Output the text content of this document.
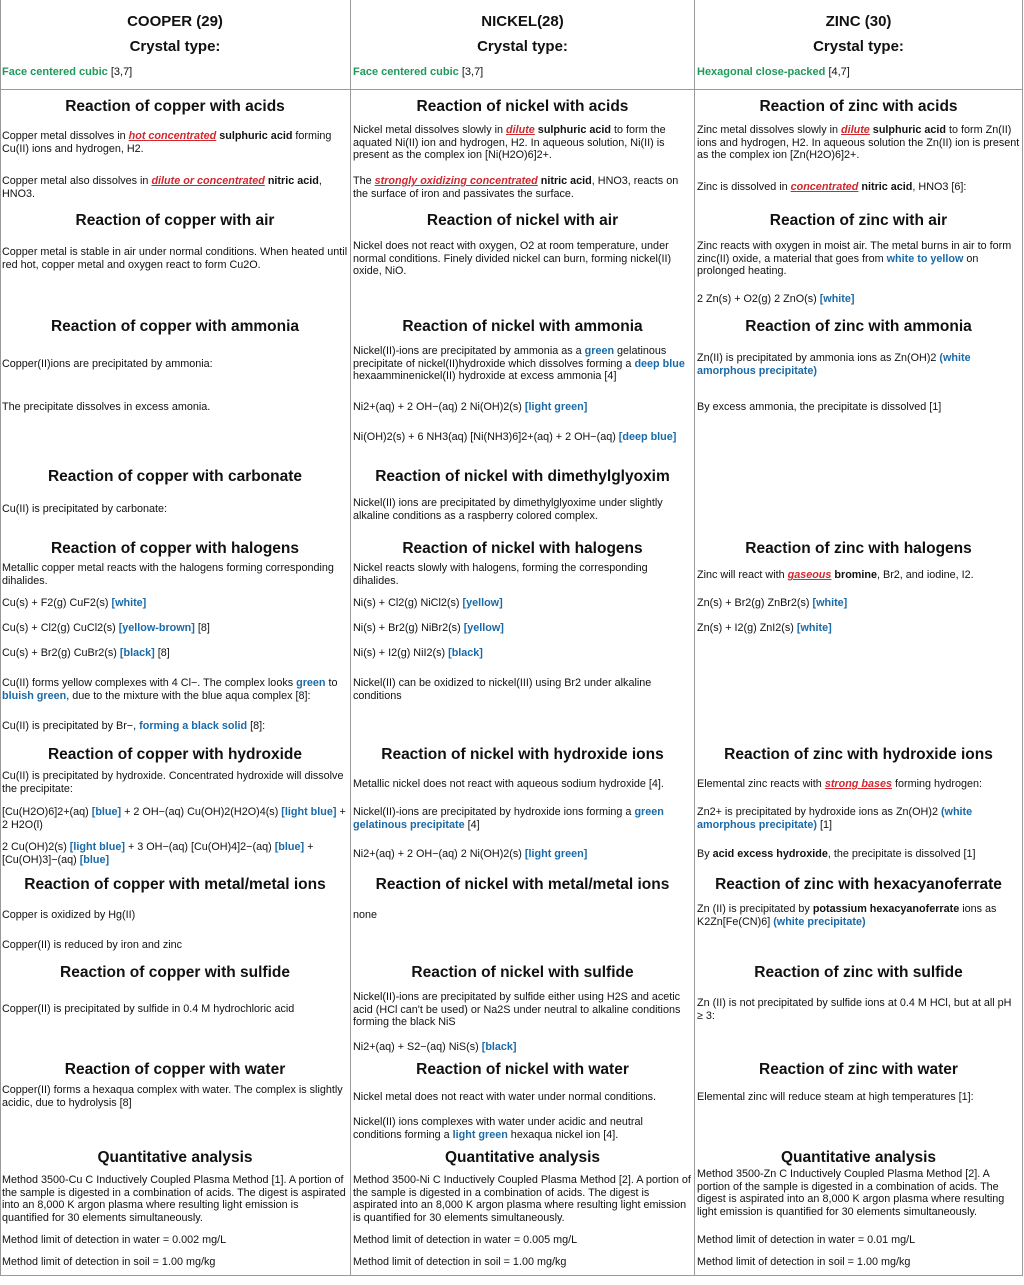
COOPER (29)
Crystal type:
Face centered cubic [3,7]
Reaction of copper with acids
Copper metal dissolves in hot concentrated sulphuric acid forming Cu(II) ions and hydrogen, H2.
Copper metal also dissolves in dilute or concentrated nitric acid, HNO3.
Reaction of copper with air
Copper metal is stable in air under normal conditions. When heated until red hot, copper metal and oxygen react to form Cu2O.
Reaction of copper with ammonia
Copper(II)ions are precipitated by ammonia:
The precipitate dissolves in excess amonia.
Reaction of copper with carbonate
Cu(II) is precipitated by carbonate:
Reaction of copper with halogens
Metallic copper metal reacts with the halogens forming corresponding dihalides.
Cu(s) + F2(g) CuF2(s) [white]
Cu(s) + Cl2(g) CuCl2(s) [yellow-brown] [8]
Cu(s) + Br2(g) CuBr2(s) [black] [8]
Cu(II) forms yellow complexes with 4 Cl−. The complex looks green to bluish green, due to the mixture with the blue aqua complex [8]:
Cu(II) is precipitated by Br−, forming a black solid [8]:
Reaction of copper with hydroxide
Cu(II) is precipitated by hydroxide. Concentrated hydroxide will dissolve the precipitate:
[Cu(H2O)6]2+(aq) [blue] + 2 OH−(aq) Cu(OH)2(H2O)4(s) [light blue] + 2 H2O(l)
2 Cu(OH)2(s) [light blue] + 3 OH−(aq) [Cu(OH)4]2−(aq) [blue] + [Cu(OH)3]−(aq) [blue]
Reaction of copper with metal/metal ions
Copper is oxidized by Hg(II)
Copper(II) is reduced by iron and zinc
Reaction of copper with sulfide
Copper(II) is precipitated by sulfide in 0.4 M hydrochloric acid
Reaction of copper with water
Copper(II) forms a hexaqua complex with water. The complex is slightly acidic, due to hydrolysis [8]
Quantitative analysis
Method 3500-Cu C Inductively Coupled Plasma Method [1]. A portion of the sample is digested in a combination of acids. The digest is aspirated into an 8,000 K argon plasma where resulting light emission is quantified for 30 elements simultaneously.
Method limit of detection in water = 0.002 mg/L
Method limit of detection in soil = 1.00 mg/kg
NICKEL(28)
Crystal type:
Face centered cubic [3,7]
Reaction of nickel with acids
Nickel metal dissolves slowly in dilute sulphuric acid to form the aquated Ni(II) ion and hydrogen, H2. In aqueous solution, Ni(II) is present as the complex ion [Ni(H2O)6]2+.
The strongly oxidizing concentrated nitric acid, HNO3, reacts on the surface of iron and passivates the surface.
Reaction of nickel with air
Nickel does not react with oxygen, O2 at room temperature, under normal conditions. Finely divided nickel can burn, forming nickel(II) oxide, NiO.
Reaction of nickel with ammonia
Nickel(II)-ions are precipitated by ammonia as a green gelatinous precipitate of nickel(II)hydroxide which dissolves forming a deep blue hexaamminenickel(II) hydroxide at excess ammonia [4]
Ni2+(aq) + 2 OH−(aq) 2 Ni(OH)2(s) [light green]
Ni(OH)2(s) + 6 NH3(aq) [Ni(NH3)6]2+(aq) + 2 OH−(aq) [deep blue]
Reaction of nickel with dimethylglyoxim
Nickel(II) ions are precipitated by dimethylglyoxime under slightly alkaline conditions as a raspberry colored complex.
Reaction of nickel with halogens
Nickel reacts slowly with halogens, forming the corresponding dihalides.
Ni(s) + Cl2(g) NiCl2(s) [yellow]
Ni(s) + Br2(g) NiBr2(s) [yellow]
Ni(s) + I2(g) NiI2(s) [black]
Nickel(II) can be oxidized to nickel(III) using Br2 under alkaline conditions
Reaction of nickel with hydroxide ions
Metallic nickel does not react with aqueous sodium hydroxide [4].
Nickel(II)-ions are precipitated by hydroxide ions forming a green gelatinous precipitate [4]
Ni2+(aq) + 2 OH−(aq) 2 Ni(OH)2(s) [light green]
Reaction of nickel with metal/metal ions
none
Reaction of nickel with sulfide
Nickel(II)-ions are precipitated by sulfide either using H2S and acetic acid (HCl can't be used) or Na2S under neutral to alkaline conditions forming the black NiS
Ni2+(aq) + S2−(aq) NiS(s) [black]
Reaction of nickel with water
Nickel metal does not react with water under normal conditions.
Nickel(II) ions complexes with water under acidic and neutral conditions forming a light green hexaqua nickel ion [4].
Quantitative analysis
Method 3500-Ni C Inductively Coupled Plasma Method [2]. A portion of the sample is digested in a combination of acids. The digest is aspirated into an 8,000 K argon plasma where resulting light emission is quantified for 30 elements simultaneously.
Method limit of detection in water = 0.005 mg/L
Method limit of detection in soil = 1.00 mg/kg
ZINC (30)
Crystal type:
Hexagonal close-packed [4,7]
Reaction of zinc with acids
Zinc metal dissolves slowly in dilute sulphuric acid to form Zn(II) ions and hydrogen, H2. In aqueous solution the Zn(II) ion is present as the complex ion [Zn(H2O)6]2+.
Zinc is dissolved in concentrated nitric acid, HNO3 [6]:
Reaction of zinc with air
Zinc reacts with oxygen in moist air. The metal burns in air to form zinc(II) oxide, a material that goes from white to yellow on prolonged heating.
2 Zn(s) + O2(g) 2 ZnO(s) [white]
Reaction of zinc with ammonia
Zn(II) is precipitated by ammonia ions as Zn(OH)2 (white amorphous precipitate)
By excess ammonia, the precipitate is dissolved [1]
Reaction of zinc with halogens
Zinc will react with gaseous bromine, Br2, and iodine, I2.
Zn(s) + Br2(g) ZnBr2(s) [white]
Zn(s) + I2(g) ZnI2(s) [white]
Reaction of zinc with hydroxide ions
Elemental zinc reacts with strong bases forming hydrogen:
Zn2+ is precipitated by hydroxide ions as Zn(OH)2 (white amorphous precipitate) [1]
By acid excess hydroxide, the precipitate is dissolved [1]
Reaction of zinc with hexacyanoferrate
Zn (II) is precipitated by potassium hexacyanoferrate ions as K2Zn[Fe(CN)6] (white precipitate)
Reaction of zinc with sulfide
Zn (II) is not precipitated by sulfide ions at 0.4 M HCl, but at all pH ≥ 3:
Reaction of zinc with water
Elemental zinc will reduce steam at high temperatures [1]:
Quantitative analysis
Method 3500-Zn C Inductively Coupled Plasma Method [2]. A portion of the sample is digested in a combination of acids. The digest is aspirated into an 8,000 K argon plasma where resulting light emission is quantified for 30 elements simultaneously.
Method limit of detection in water = 0.01 mg/L
Method limit of detection in soil = 1.00 mg/kg
